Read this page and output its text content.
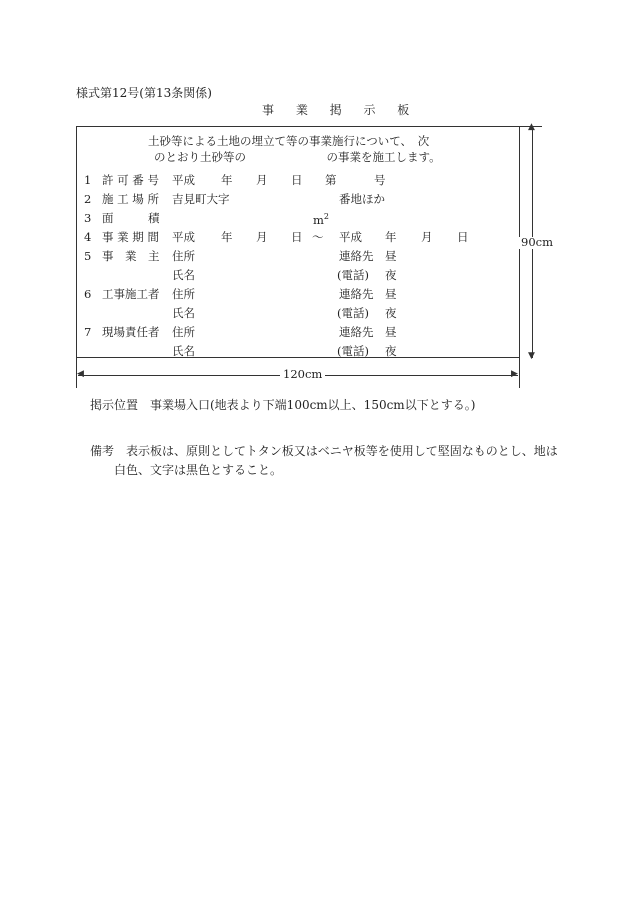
様式第12号(第13条関係)
事 業 掲 示 板
土砂等による土地の埋立て等の事業施行について、　次
のとおり土砂等の　　　　　　　の事業を施工します。
1 許 可 番 号 平成 年 月 日 第	号
2 施 工 場 所 吉見町大字	番地ほか
3 面　　　積	$m^2$
4 事 業 期 間 平成 年 月 日 〜 平成 年 月 日
5 事　業　主 住所	連絡先 昼
氏名	(電話) 夜
6 工事施工者 住所	連絡先 昼
氏名	(電話) 夜
7 現場責任者 住所	連絡先 昼
氏名	(電話) 夜
▲
▼
90cm
◀	▶
120cm
掲示位置　事業場入口(地表より下端100cm以上、150cm以下とする。)
備考　表示板は、原則としてトタン板又はベニヤ板等を使用して堅固なものとし、地は
白色、文字は黒色とすること。
